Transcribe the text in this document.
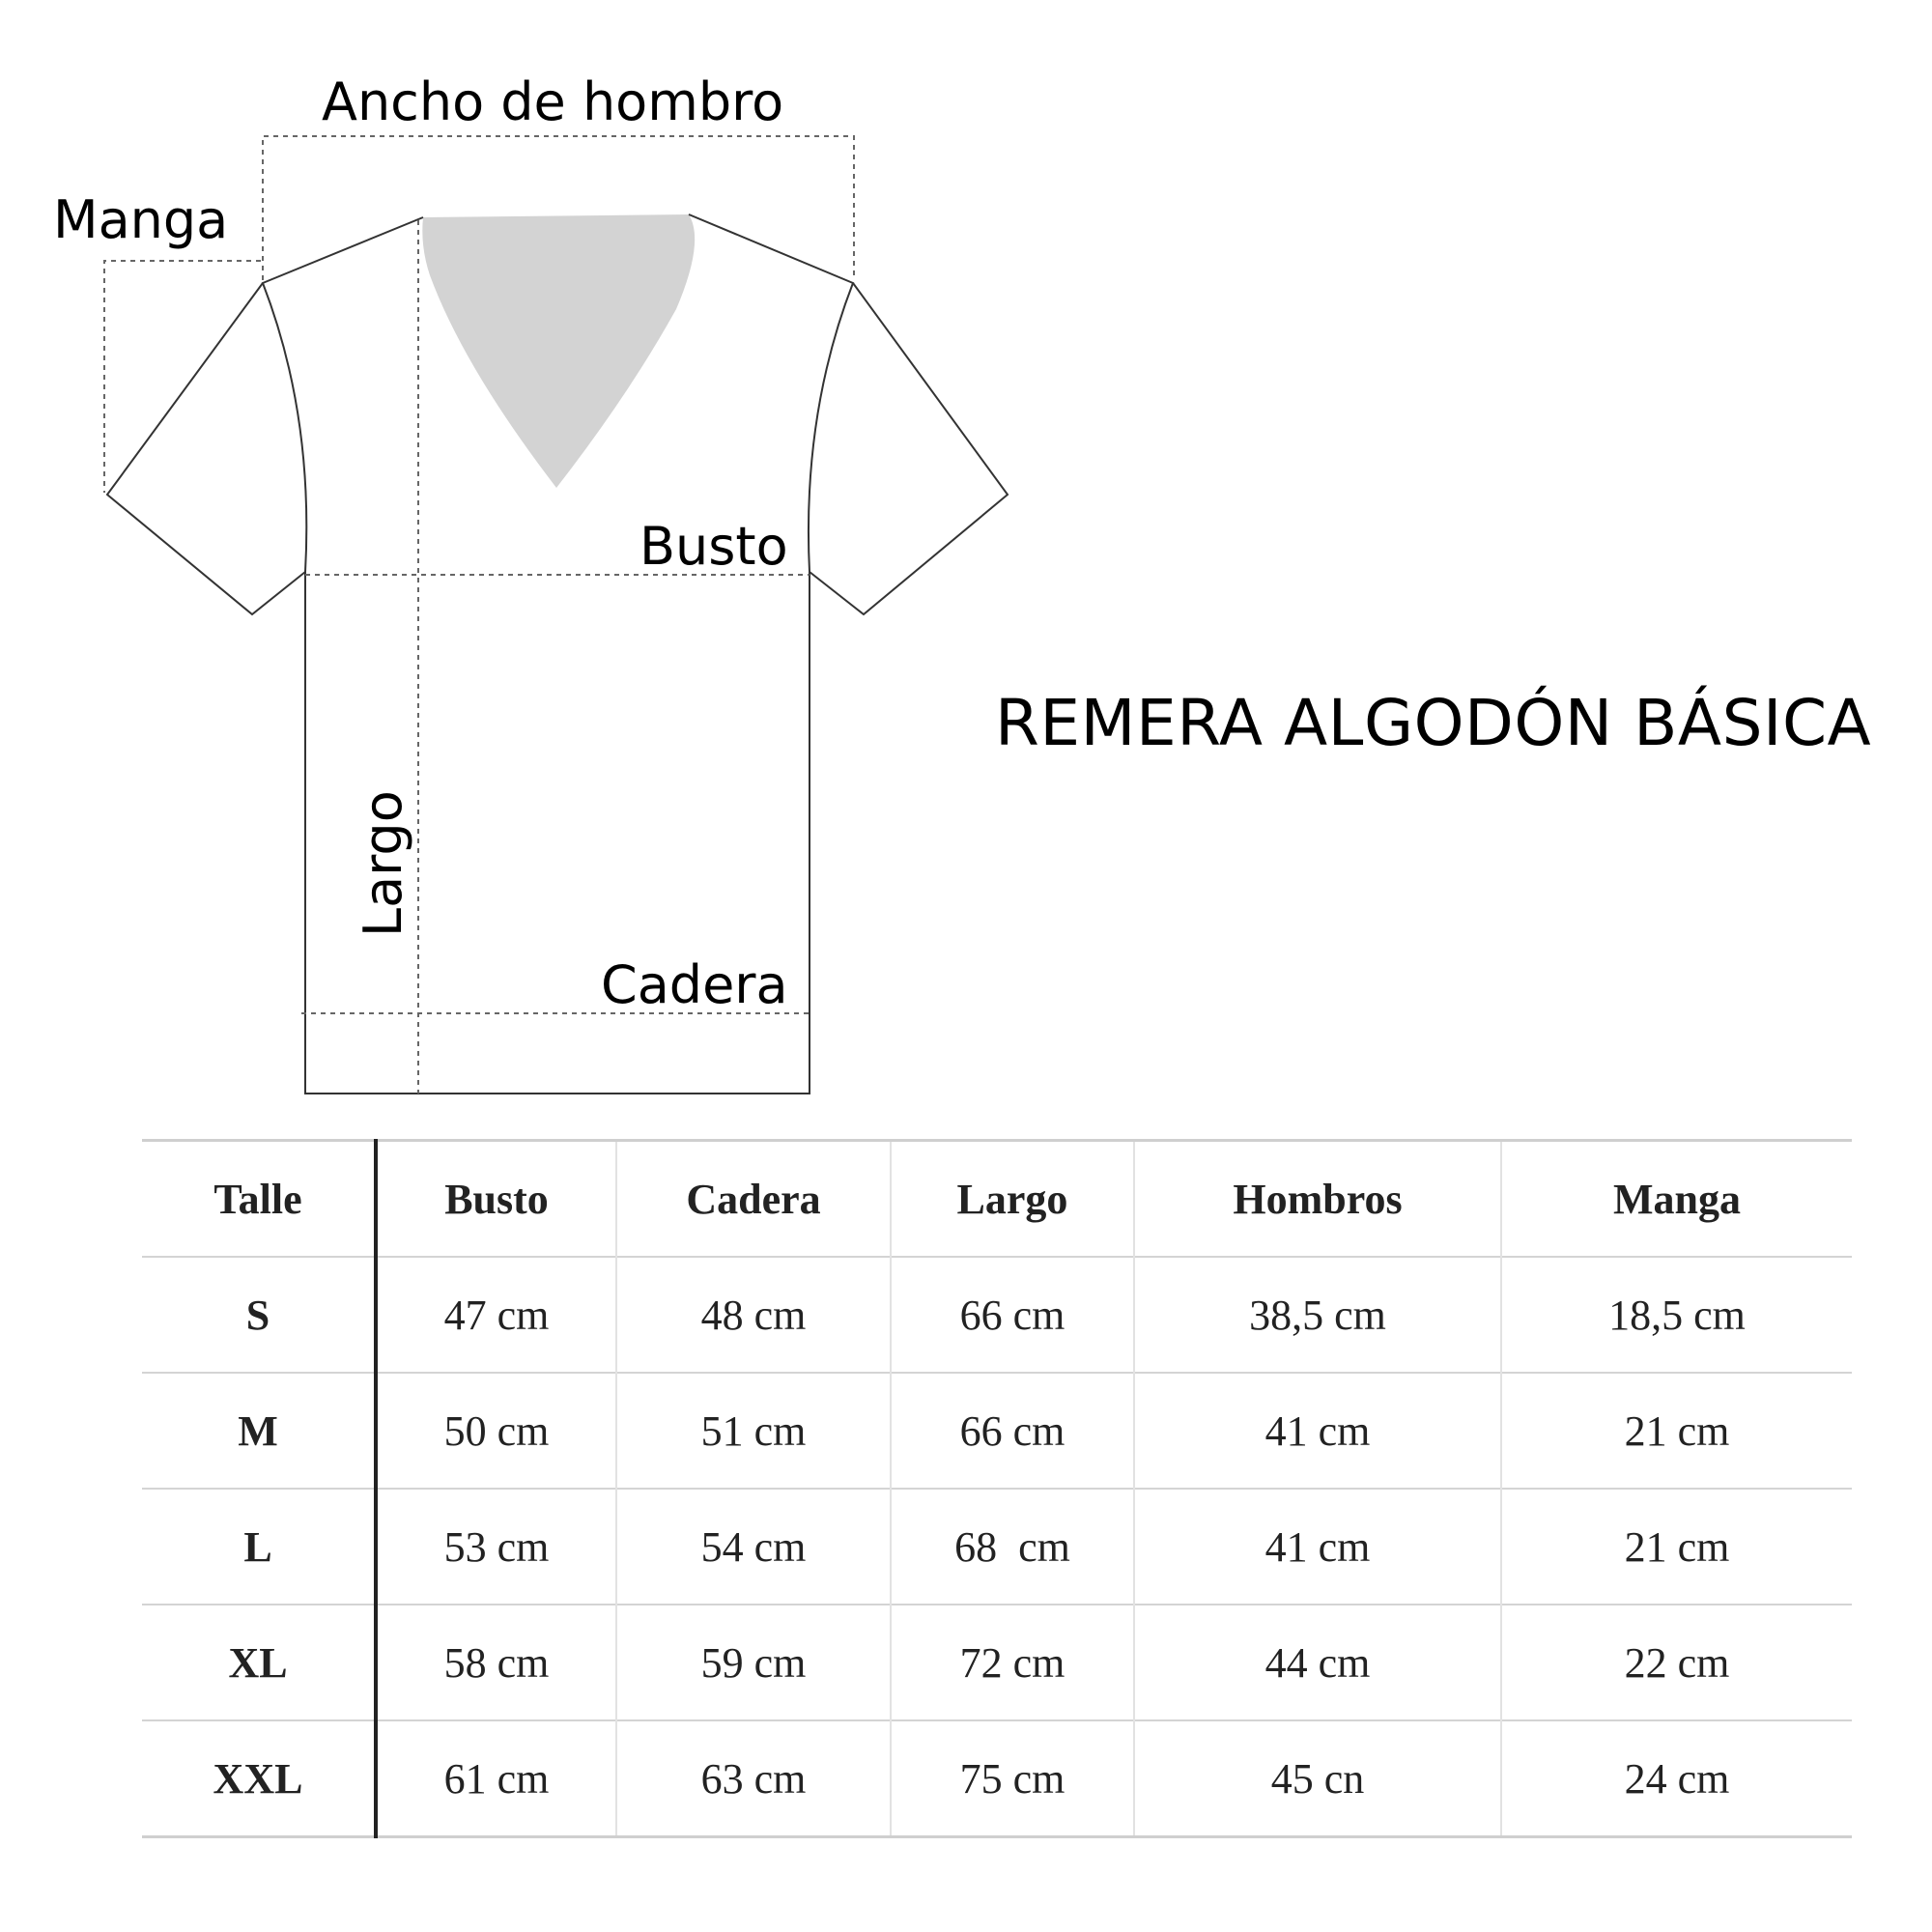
Ancho de hombro
Manga
Busto
Cadera
Largo
REMERA ALGODÓN BÁSICA
Talle	Busto	Cadera	Largo	Hombros	Manga
S	47 cm	48 cm	66 cm	38,5 cm	18,5 cm
M	50 cm	51 cm	66 cm	41 cm	21 cm
L	53 cm	54 cm	68  cm	41 cm	21 cm
XL	58 cm	59 cm	72 cm	44 cm	22 cm
XXL	61 cm	63 cm	75 cm	45 cn	24 cm
